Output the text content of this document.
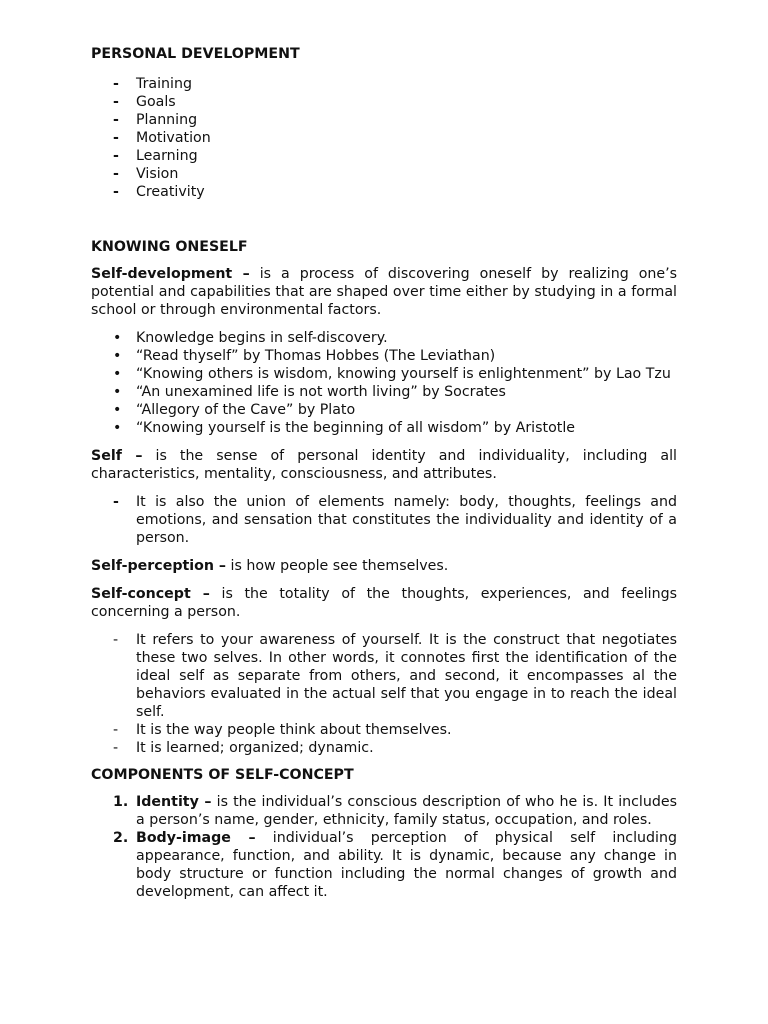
PERSONAL DEVELOPMENT

- Training
- Goals
- Planning
- Motivation
- Learning
- Vision
- Creativity

KNOWING ONESELF

Self-development – is a process of discovering oneself by realizing one’s potential and capabilities that are shaped over time either by studying in a formal school or through environmental factors.

• Knowledge begins in self-discovery.
• “Read thyself” by Thomas Hobbes (The Leviathan)
• “Knowing others is wisdom, knowing yourself is enlightenment” by Lao Tzu
• “An unexamined life is not worth living” by Socrates
• “Allegory of the Cave” by Plato
• “Knowing yourself is the beginning of all wisdom” by Aristotle

Self – is the sense of personal identity and individuality, including all characteristics, mentality, consciousness, and attributes.

- It is also the union of elements namely: body, thoughts, feelings and emotions, and sensation that constitutes the individuality and identity of a person.

Self-perception – is how people see themselves.

Self-concept – is the totality of the thoughts, experiences, and feelings concerning a person.

- It refers to your awareness of yourself. It is the construct that negotiates these two selves. In other words, it connotes first the identification of the ideal self as separate from others, and second, it encompasses al the behaviors evaluated in the actual self that you engage in to reach the ideal self.
- It is the way people think about themselves.
- It is learned; organized; dynamic.

COMPONENTS OF SELF-CONCEPT

1. Identity – is the individual’s conscious description of who he is. It includes a person’s name, gender, ethnicity, family status, occupation, and roles.
2. Body-image – individual’s perception of physical self including appearance, function, and ability. It is dynamic, because any change in body structure or function including the normal changes of growth and development, can affect it.
